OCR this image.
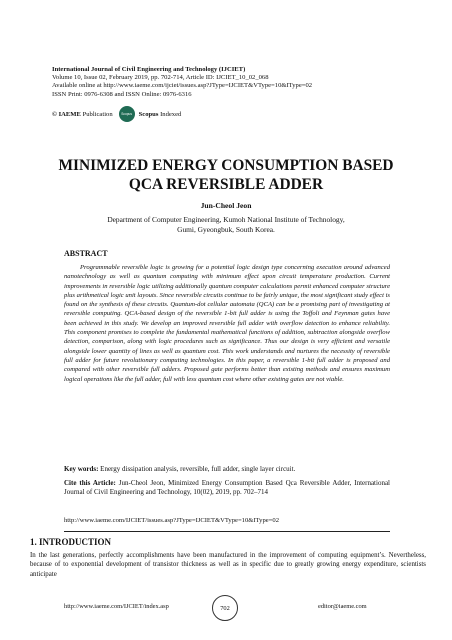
International Journal of Civil Engineering and Technology (IJCIET)
Volume 10, Issue 02, February 2019, pp. 702-714, Article ID: IJCIET_10_02_068
Available online at http://www.iaeme.com/ijciet/issues.asp?JType=IJCIET&VType=10&IType=02
ISSN Print: 0976-6308 and ISSN Online: 0976-6316
© IAEME
Publication	Scopus	Scopus
Indexed
MINIMIZED ENERGY CONSUMPTION BASED
QCA REVERSIBLE ADDER
Jun-Cheol Jeon
Department of Computer Engineering, Kumoh National Institute of Technology,
Gumi, Gyeongbuk, South Korea.
ABSTRACT
Programmable reversible logic is growing for a potential logic design type concerning execution around advanced nanotechnology as well as quantum computing with minimum effect upon circuit temperature production. Current improvements in reversible logic utilizing additionally quantum computer calculations permit enhanced computer structure plus arithmetical logic unit layouts. Since reversible circuits continue to be fairly unique, the most significant study effect is found on the synthesis of these circuits. Quantum-dot cellular automata (QCA) can be a promising part of investigating at reversible computing. QCA-based design of the reversible 1-bit full adder is using the Toffoli and Feynman gates have been achieved in this study. We develop an improved reversible full adder with overflow detection to enhance reliability. This component promises to complete the fundamental mathematical functions of addition, subtraction alongside overflow detection, comparison, along with logic procedures such as significance. Thus our design is very efficient and versatile alongside lower quantity of lines as well as quantum cost. This work understands and nurtures the necessity of reversible full adder for future revolutionary computing technologies. In this paper, a reversible 1-bit full adder is proposed and compared with other reversible full adders. Proposed gate performs better than existing methods and ensures maximum logical operations like the full adder, full with less quantum cost where other existing gates are not viable.
Key words: Energy dissipation analysis, reversible, full adder, single layer circuit.
Cite this Article: Jun-Cheol Jeon, Minimized Energy Consumption Based Qca Reversible Adder, International Journal of Civil Engineering and Technology, 10(02), 2019, pp. 702–714
http://www.iaeme.com/IJCIET/issues.asp?JType=IJCIET&VType=10&IType=02
1. INTRODUCTION
In the last generations, perfectly accomplishments have been manufactured in the improvement of computing equipment’s. Nevertheless, because of to exponential development of transistor thickness as well as in specific due to greatly growing energy expenditure, scientists anticipate
http://www.iaeme.com/IJCIET/index.asp	702	editor@iaeme.com
